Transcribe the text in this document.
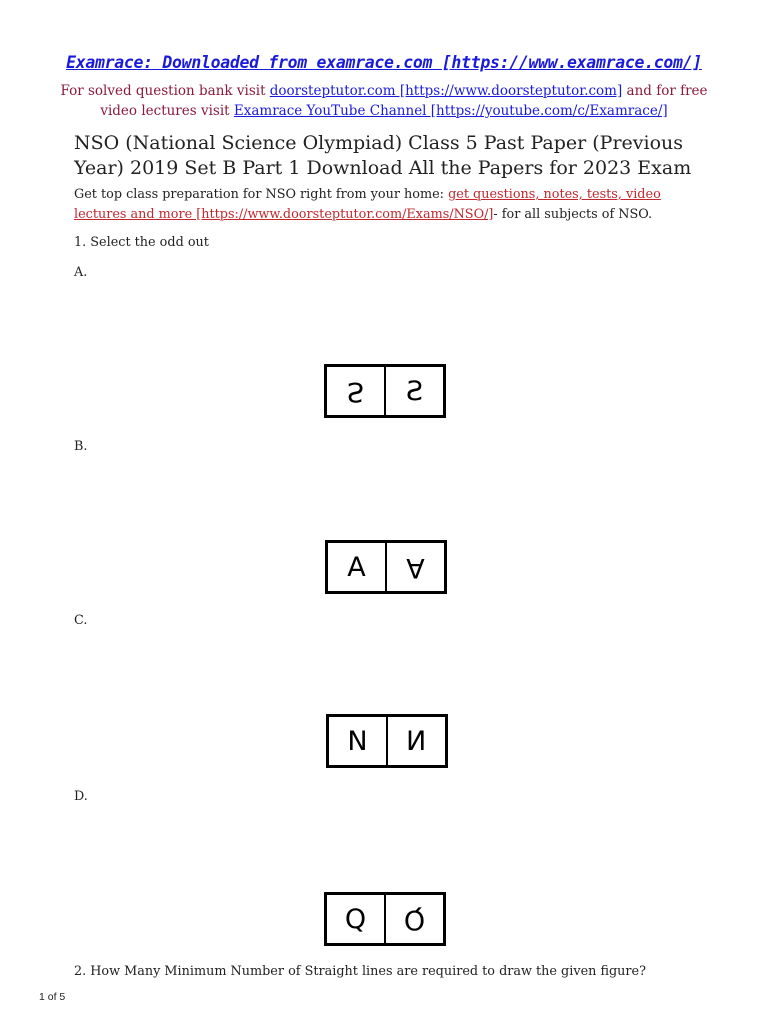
Examrace: Downloaded from examrace.com [https://www.examrace.com/]
For solved question bank visit doorsteptutor.com [https://www.doorsteptutor.com] and for free video lectures visit Examrace YouTube Channel [https://youtube.com/c/Examrace/]
NSO (National Science Olympiad) Class 5 Past Paper (Previous Year) 2019 Set B Part 1 Download All the Papers for 2023 Exam
Get top class preparation for NSO right from your home: get questions, notes, tests, video lectures and more [https://www.doorsteptutor.com/Exams/NSO/]- for all subjects of NSO.
1. Select the odd out
A.
S S
B.
A A
C.
N N
D.
Q Q
2. How Many Minimum Number of Straight lines are required to draw the given figure?
1 of 5
